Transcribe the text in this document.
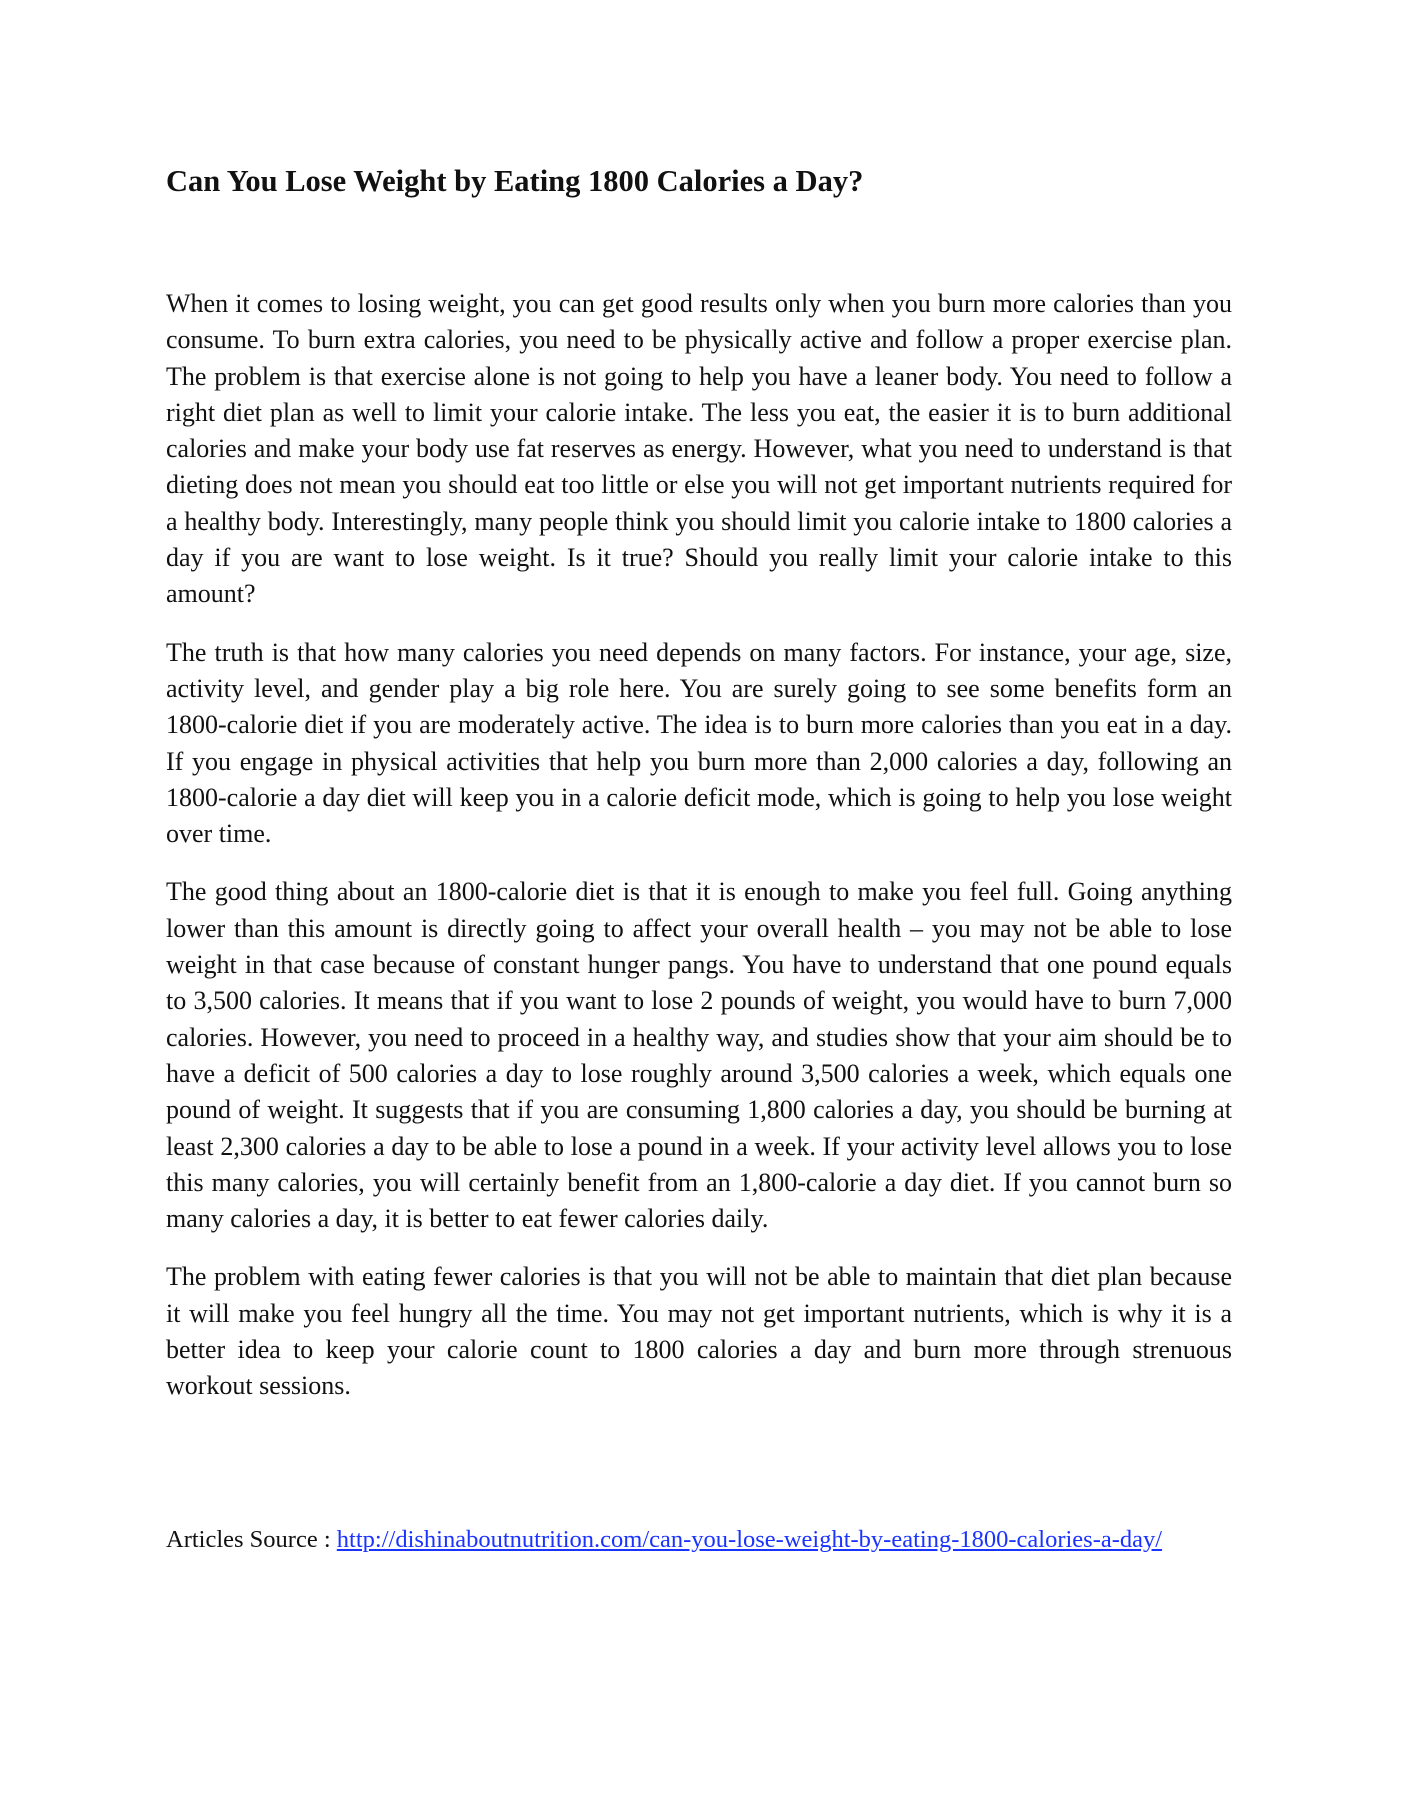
Can You Lose Weight by Eating 1800 Calories a Day?

When it comes to losing weight, you can get good results only when you burn more calories than you consume. To burn extra calories, you need to be physically active and follow a proper exercise plan. The problem is that exercise alone is not going to help you have a leaner body. You need to follow a right diet plan as well to limit your calorie intake. The less you eat, the easier it is to burn additional calories and make your body use fat reserves as energy. However, what you need to understand is that dieting does not mean you should eat too little or else you will not get important nutrients required for a healthy body. Interestingly, many people think you should limit you calorie intake to 1800 calories a day if you are want to lose weight. Is it true? Should you really limit your calorie intake to this amount?

The truth is that how many calories you need depends on many factors. For instance, your age, size, activity level, and gender play a big role here. You are surely going to see some benefits form an 1800-calorie diet if you are moderately active. The idea is to burn more calories than you eat in a day. If you engage in physical activities that help you burn more than 2,000 calories a day, following an 1800-calorie a day diet will keep you in a calorie deficit mode, which is going to help you lose weight over time.

The good thing about an 1800-calorie diet is that it is enough to make you feel full. Going anything lower than this amount is directly going to affect your overall health – you may not be able to lose weight in that case because of constant hunger pangs. You have to understand that one pound equals to 3,500 calories. It means that if you want to lose 2 pounds of weight, you would have to burn 7,000 calories. However, you need to proceed in a healthy way, and studies show that your aim should be to have a deficit of 500 calories a day to lose roughly around 3,500 calories a week, which equals one pound of weight. It suggests that if you are consuming 1,800 calories a day, you should be burning at least 2,300 calories a day to be able to lose a pound in a week. If your activity level allows you to lose this many calories, you will certainly benefit from an 1,800-calorie a day diet. If you cannot burn so many calories a day, it is better to eat fewer calories daily.

The problem with eating fewer calories is that you will not be able to maintain that diet plan because it will make you feel hungry all the time. You may not get important nutrients, which is why it is a better idea to keep your calorie count to 1800 calories a day and burn more through strenuous workout sessions.

Articles Source : http://dishinaboutnutrition.com/can-you-lose-weight-by-eating-1800-calories-a-day/
